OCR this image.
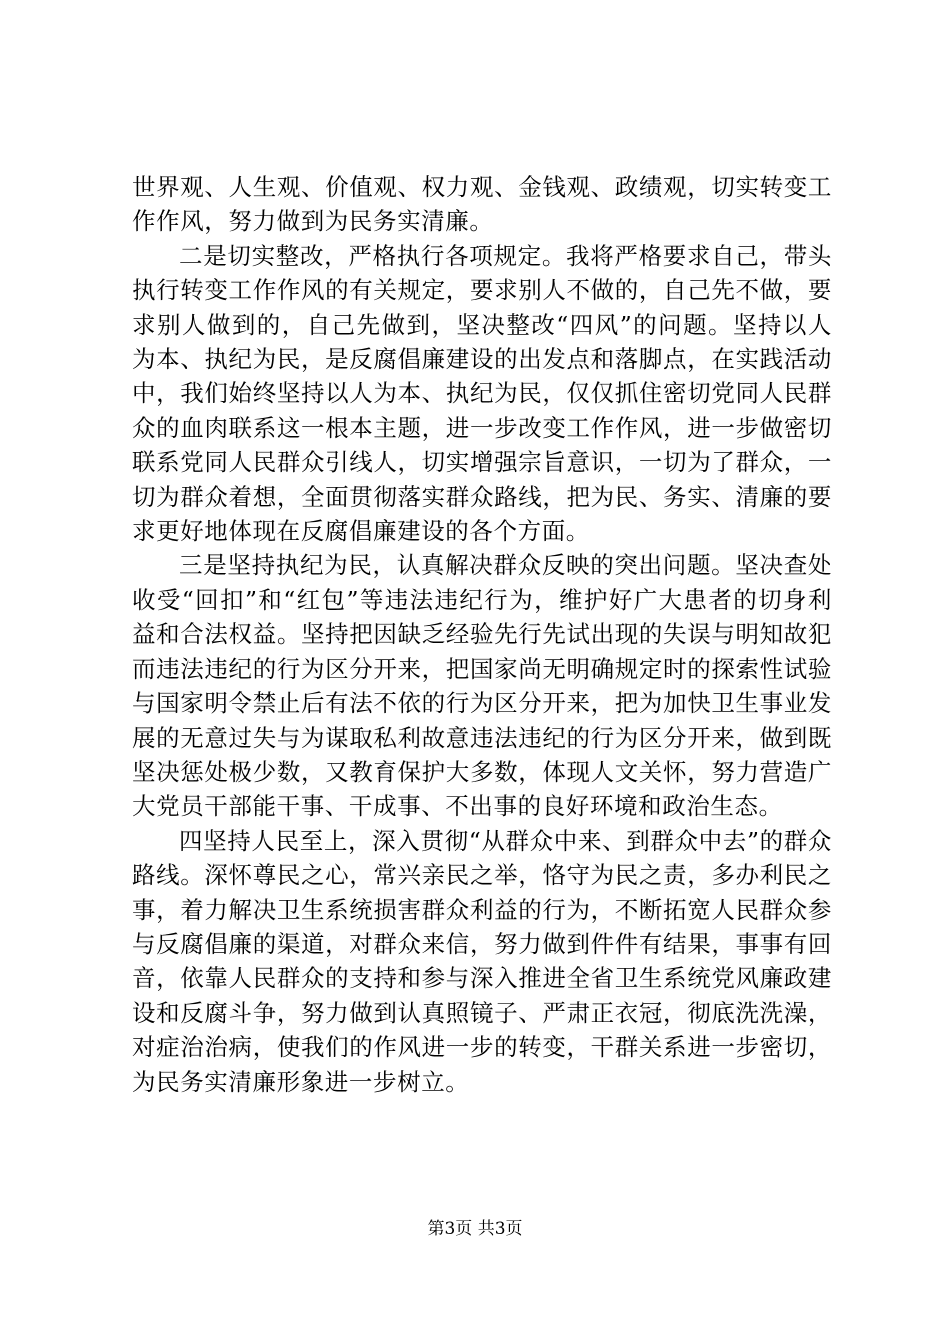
世界观、人生观、价值观、权力观、金钱观、政绩观，切实转变工作作风，努力做到为民务实清廉。

二是切实整改，严格执行各项规定。我将严格要求自己，带头执行转变工作作风的有关规定，要求别人不做的，自己先不做，要求别人做到的，自己先做到，坚决整改“四风”的问题。坚持以人为本、执纪为民，是反腐倡廉建设的出发点和落脚点，在实践活动中，我们始终坚持以人为本、执纪为民，仅仅抓住密切党同人民群众的血肉联系这一根本主题，进一步改变工作作风，进一步做密切联系党同人民群众引线人，切实增强宗旨意识，一切为了群众，一切为群众着想，全面贯彻落实群众路线，把为民、务实、清廉的要求更好地体现在反腐倡廉建设的各个方面。

三是坚持执纪为民，认真解决群众反映的突出问题。坚决查处收受“回扣”和“红包”等违法违纪行为，维护好广大患者的切身利益和合法权益。坚持把因缺乏经验先行先试出现的失误与明知故犯而违法违纪的行为区分开来，把国家尚无明确规定时的探索性试验与国家明令禁止后有法不依的行为区分开来，把为加快卫生事业发展的无意过失与为谋取私利故意违法违纪的行为区分开来，做到既坚决惩处极少数，又教育保护大多数，体现人文关怀，努力营造广大党员干部能干事、干成事、不出事的良好环境和政治生态。

四坚持人民至上，深入贯彻“从群众中来、到群众中去”的群众路线。深怀尊民之心，常兴亲民之举，恪守为民之责，多办利民之事，着力解决卫生系统损害群众利益的行为，不断拓宽人民群众参与反腐倡廉的渠道，对群众来信，努力做到件件有结果，事事有回音，依靠人民群众的支持和参与深入推进全省卫生系统党风廉政建设和反腐斗争，努力做到认真照镜子、严肃正衣冠，彻底洗洗澡，对症治治病，使我们的作风进一步的转变，干群关系进一步密切，为民务实清廉形象进一步树立。

第3页 共3页
